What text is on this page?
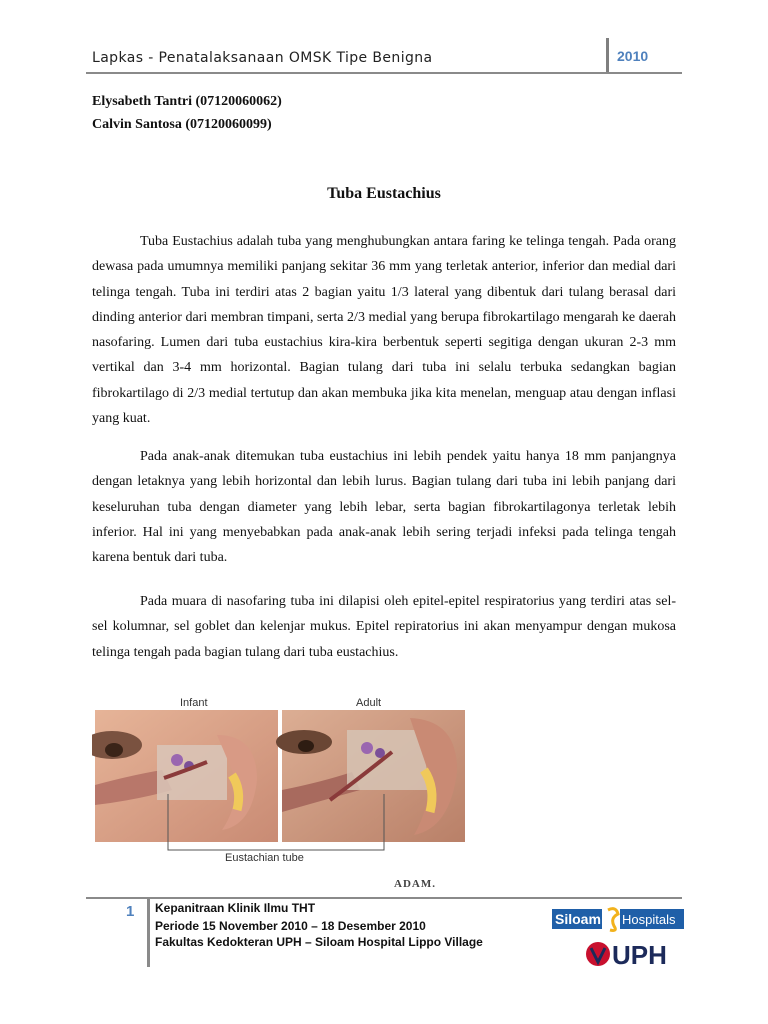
Lapkas - Penatalaksanaan OMSK Tipe Benigna	2010
Elysabeth Tantri (07120060062)
Calvin Santosa (07120060099)
Tuba Eustachius

Tuba Eustachius adalah tuba yang menghubungkan antara faring ke telinga tengah. Pada orang dewasa pada umumnya memiliki panjang sekitar 36 mm yang terletak anterior, inferior dan medial dari telinga tengah. Tuba ini terdiri atas 2 bagian yaitu 1/3 lateral yang dibentuk dari tulang berasal dari dinding anterior dari membran timpani, serta 2/3 medial yang berupa fibrokartilago mengarah ke daerah nasofaring. Lumen dari tuba eustachius kira-kira berbentuk seperti segitiga dengan ukuran 2-3 mm vertikal dan 3-4 mm horizontal. Bagian tulang dari tuba ini selalu terbuka sedangkan bagian fibrokartilago di 2/3 medial tertutup dan akan membuka jika kita menelan, menguap atau dengan inflasi yang kuat.

Pada anak-anak ditemukan tuba eustachius ini lebih pendek yaitu hanya 18 mm panjangnya dengan letaknya yang lebih horizontal dan lebih lurus. Bagian tulang dari tuba ini lebih panjang dari keseluruhan tuba dengan diameter yang lebih lebar, serta bagian fibrokartilagonya terletak lebih inferior. Hal ini yang menyebabkan pada anak-anak lebih sering terjadi infeksi pada telinga tengah karena bentuk dari tuba.

Pada muara di nasofaring tuba ini dilapisi oleh epitel-epitel respiratorius yang terdiri atas sel-sel kolumnar, sel goblet dan kelenjar mukus. Epitel repiratorius ini akan menyampur dengan mukosa telinga tengah pada bagian tulang dari tuba eustachius.

Infant	Adult
Eustachian tube
ADAM.
1 Kepanitraan Klinik Ilmu THT
Periode 15 November 2010 – 18 Desember 2010
Fakultas Kedokteran UPH – Siloam Hospital Lippo Village
Siloam Hospitals
UPH
